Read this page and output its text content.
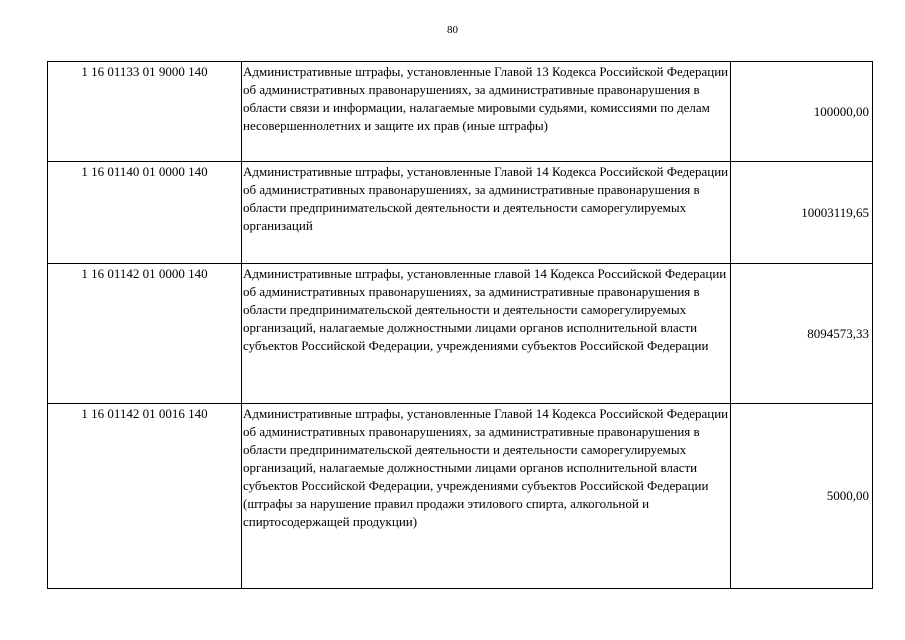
80
1 16 01133 01 9000 140	Административные штрафы, установленные Главой 13 Кодекса Российской Федерации об административных правонарушениях, за административные правонарушения в области связи и информации, налагаемые мировыми судьями, комиссиями по делам несовершеннолетних и защите их прав (иные штрафы)	100000,00
1 16 01140 01 0000 140	Административные штрафы, установленные Главой 14 Кодекса Российской Федерации об административных правонарушениях, за административные правонарушения в области предпринимательской деятельности и деятельности саморегулируемых организаций	10003119,65
1 16 01142 01 0000 140	Административные штрафы, установленные главой 14 Кодекса Российской Федерации об административных правонарушениях, за административные правонарушения в области предпринимательской деятельности и деятельности саморегулируемых организаций, налагаемые должностными лицами органов исполнительной власти субъектов Российской Федерации, учреждениями субъектов Российской Федерации	8094573,33
1 16 01142 01 0016 140	Административные штрафы, установленные Главой 14 Кодекса Российской Федерации об административных правонарушениях, за административные правонарушения в области предпринимательской деятельности и деятельности саморегулируемых организаций, налагаемые должностными лицами органов исполнительной власти субъектов Российской Федерации, учреждениями субъектов Российской Федерации (штрафы за нарушение правил продажи этилового спирта, алкогольной и спиртосодержащей продукции)	5000,00
